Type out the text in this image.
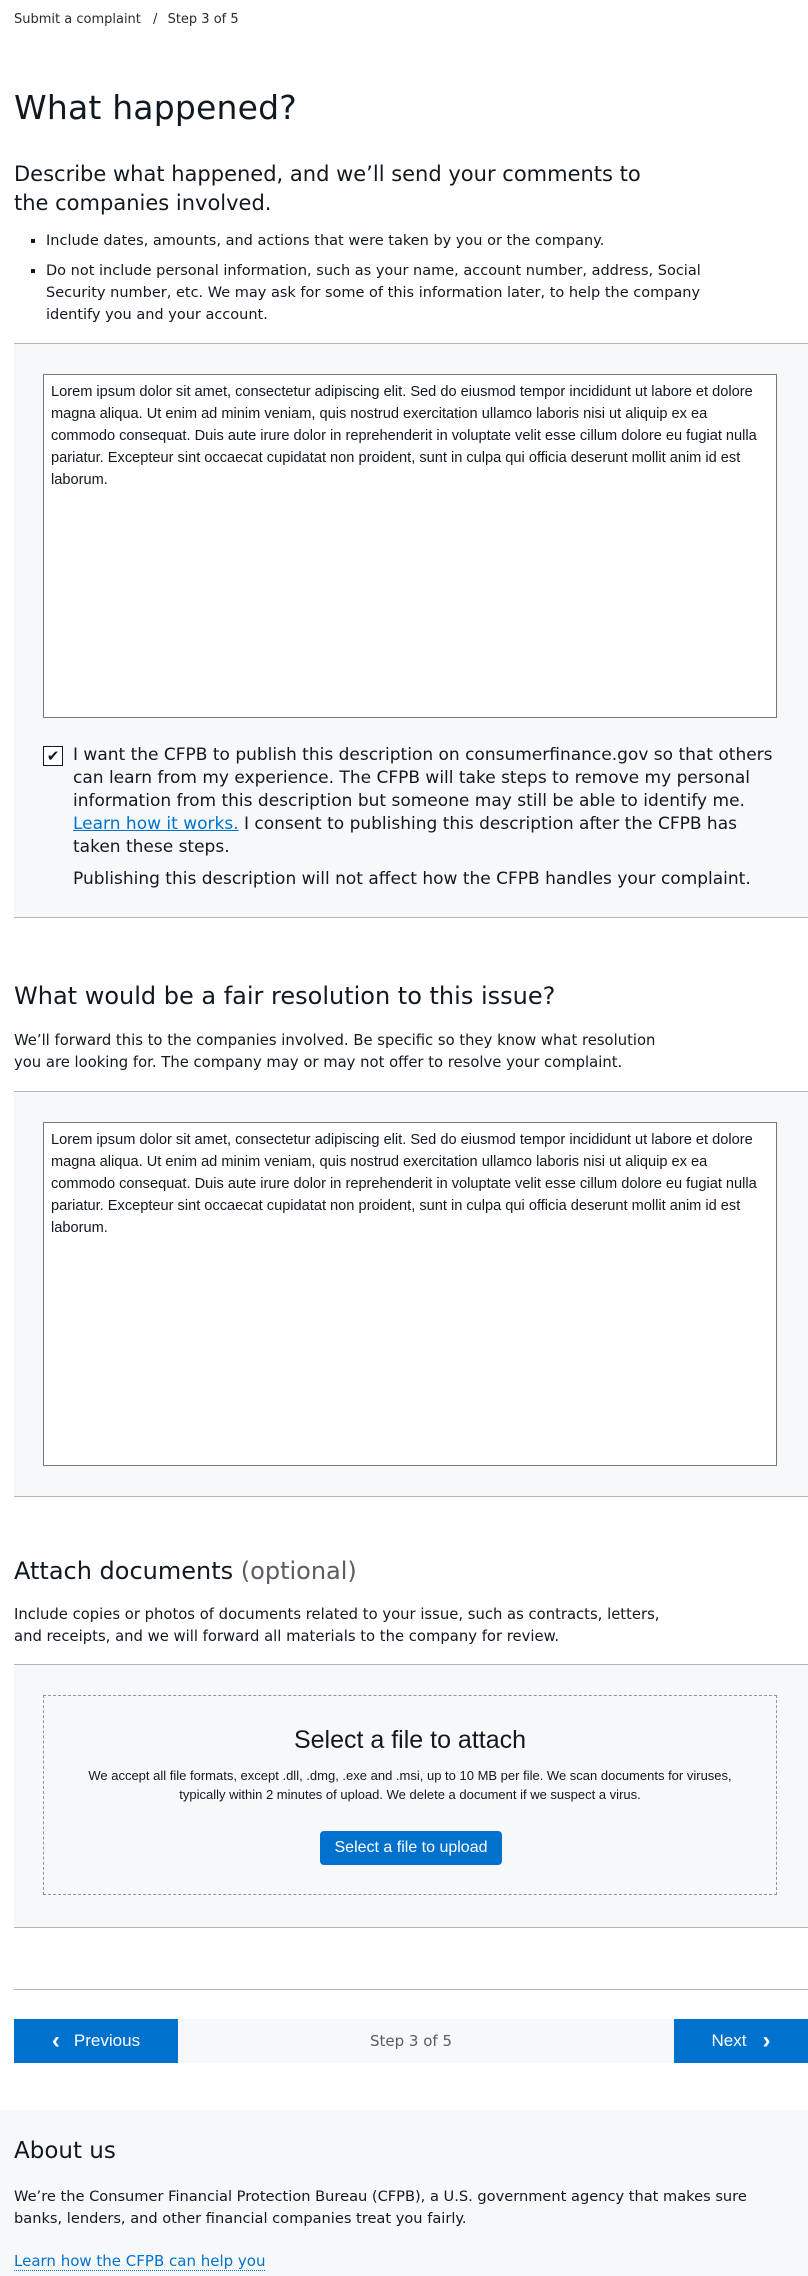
Submit a complaint / Step 3 of 5
What happened?

Describe what happened, and we’ll send your comments to the companies involved.

▪ Include dates, amounts, and actions that were taken by you or the company.
▪ Do not include personal information, such as your name, account number, address, Social Security number, etc. We may ask for some of this information later, to help the company identify you and your account.
Lorem ipsum dolor sit amet, consectetur adipiscing elit. Sed do eiusmod tempor incididunt ut labore et dolore magna aliqua. Ut enim ad minim veniam, quis nostrud exercitation ullamco laboris nisi ut aliquip ex ea commodo consequat. Duis aute irure dolor in reprehenderit in voluptate velit esse cillum dolore eu fugiat nulla pariatur. Excepteur sint occaecat cupidatat non proident, sunt in culpa qui officia deserunt mollit anim id est laborum.
✔ I want the CFPB to publish this description on consumerfinance.gov so that others can learn from my experience. The CFPB will take steps to remove my personal information from this description but someone may still be able to identify me. Learn how it works. I consent to publishing this description after the CFPB has taken these steps.
Publishing this description will not affect how the CFPB handles your complaint.
What would be a fair resolution to this issue?

We’ll forward this to the companies involved. Be specific so they know what resolution you are looking for. The company may or may not offer to resolve your complaint.

Lorem ipsum dolor sit amet, consectetur adipiscing elit. Sed do eiusmod tempor incididunt ut labore et dolore magna aliqua. Ut enim ad minim veniam, quis nostrud exercitation ullamco laboris nisi ut aliquip ex ea commodo consequat. Duis aute irure dolor in reprehenderit in voluptate velit esse cillum dolore eu fugiat nulla pariatur. Excepteur sint occaecat cupidatat non proident, sunt in culpa qui officia deserunt mollit anim id est laborum.
Attach documents (optional)

Include copies or photos of documents related to your issue, such as contracts, letters, and receipts, and we will forward all materials to the company for review.

Select a file to attach
We accept all file formats, except .dll, .dmg, .exe and .msi, up to 10 MB per file. We scan documents for viruses, typically within 2 minutes of upload. We delete a document if we suspect a virus.
Select a file to upload
‹ Previous	Step 3 of 5	Next ›
About us

We’re the Consumer Financial Protection Bureau (CFPB), a U.S. government agency that makes sure banks, lenders, and other financial companies treat you fairly.

Learn how the CFPB can help you
